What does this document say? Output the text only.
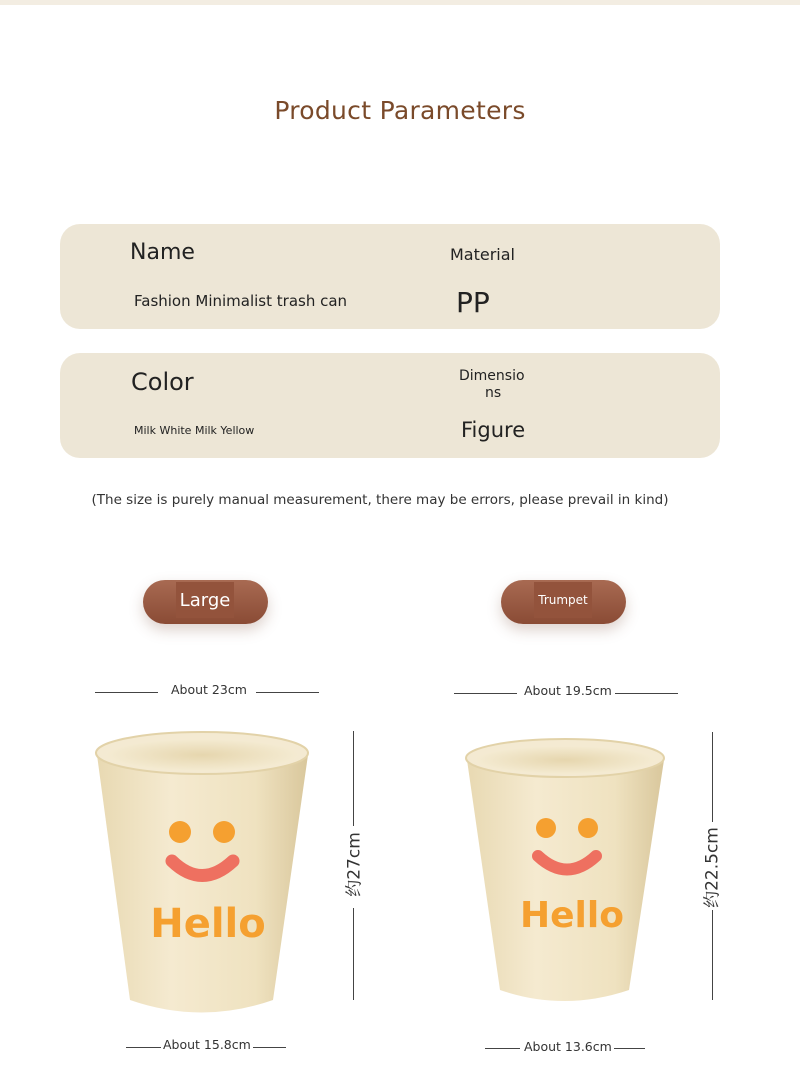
Product Parameters
Name
Fashion Minimalist trash can
Material
PP
Color
Milk White Milk Yellow
Dimensio
ns
Figure
(The size is purely manual measurement, there may be errors, please prevail in kind)
Large	Trumpet
About 23cm
约27cm
About 15.8cm
About 19.5cm
约22.5cm
About 13.6cm
Hello	Hello
